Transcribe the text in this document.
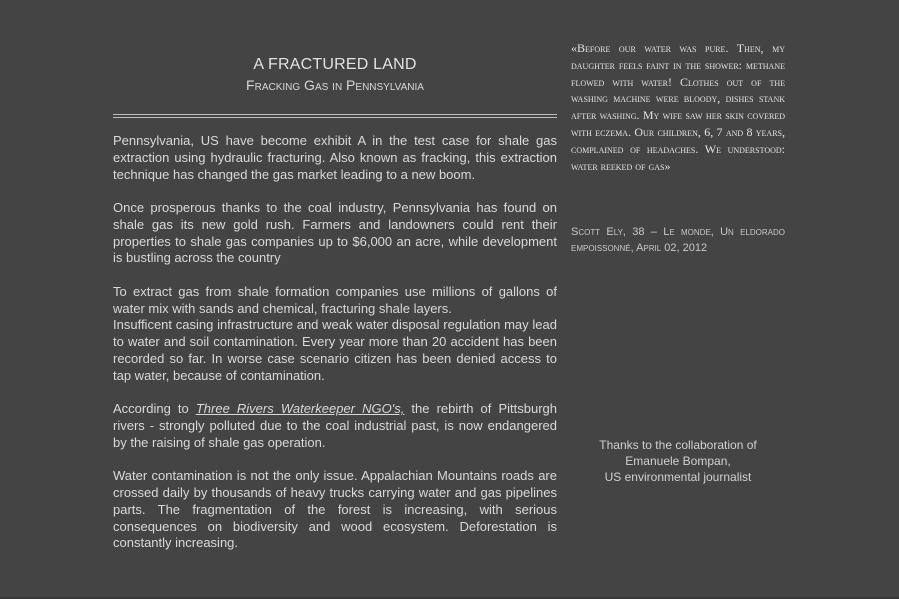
A FRACTURED LAND
Fracking Gas in Pennsylvania

Pennsylvania, US have become exhibit A in the test case for shale gas extraction using hydraulic fracturing. Also known as fracking, this extraction technique has changed the gas market leading to a new boom.

Once prosperous thanks to the coal industry, Pennsylvania has found on shale gas its new gold rush. Farmers and landowners could rent their properties to shale gas companies up to $6,000 an acre, while development is bustling across the country

To extract gas from shale formation companies use millions of gallons of water mix with sands and chemical, fracturing shale layers.
Insufficent casing infrastructure and weak water disposal regulation may lead to water and soil contamination. Every year more than 20 accident has been recorded so far. In worse case scenario citizen has been denied access to tap water, because of contamination.

According to Three Rivers Waterkeeper NGO's, the rebirth of Pittsburgh rivers - strongly polluted due to the coal industrial past, is now endangered by the raising of shale gas operation.

Water contamination is not the only issue. Appalachian Mountains roads are crossed daily by thousands of heavy trucks carrying water and gas pipelines parts. The fragmentation of the forest is increasing, with serious consequences on biodiversity and wood ecosystem. Deforestation is constantly increasing.

«Before our water was pure. Then, my daughter feels faint in the shower: methane flowed with water! Clothes out of the washing machine were bloody, dishes stank after washing. My wife saw her skin covered with eczema. Our children, 6, 7 and 8 years, complained of headaches. We understood: water reeked of gas»
Scott Ely, 38 – Le monde, Un eldorado empoissonné, April 02, 2012
Thanks to the collaboration of
Emanuele Bompan,
US environmental journalist
